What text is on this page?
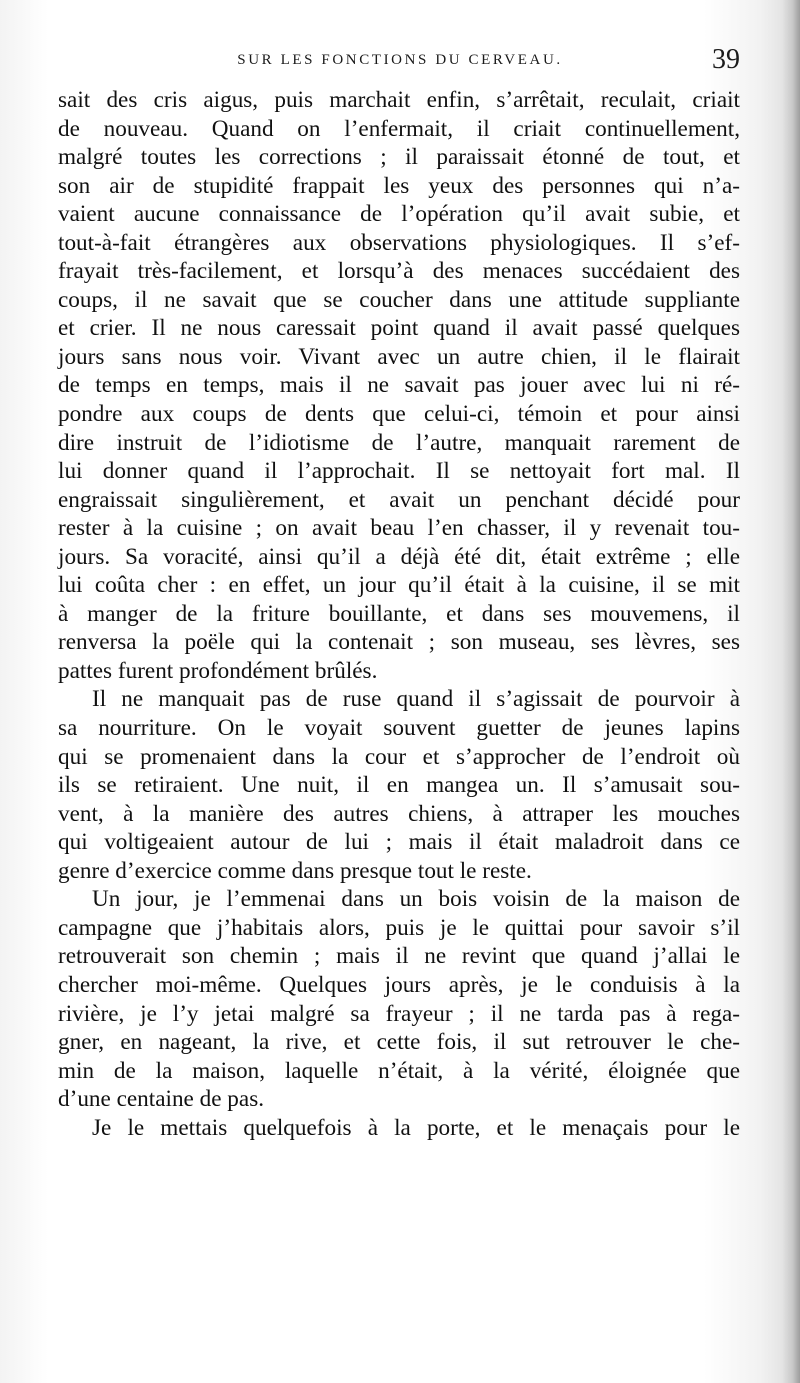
SUR LES FONCTIONS DU CERVEAU.	39
sait des cris aigus, puis marchait enfin, s’arrêtait, reculait, criait
de nouveau. Quand on l’enfermait, il criait continuellement,
malgré toutes les corrections ; il paraissait étonné de tout, et
son air de stupidité frappait les yeux des personnes qui n’a-
vaient aucune connaissance de l’opération qu’il avait subie, et
tout-à-fait étrangères aux observations physiologiques. Il s’ef-
frayait très-facilement, et lorsqu’à des menaces succédaient des
coups, il ne savait que se coucher dans une attitude suppliante
et crier. Il ne nous caressait point quand il avait passé quelques
jours sans nous voir. Vivant avec un autre chien, il le flairait
de temps en temps, mais il ne savait pas jouer avec lui ni ré-
pondre aux coups de dents que celui-ci, témoin et pour ainsi
dire instruit de l’idiotisme de l’autre, manquait rarement de
lui donner quand il l’approchait. Il se nettoyait fort mal. Il
engraissait singulièrement, et avait un penchant décidé pour
rester à la cuisine ; on avait beau l’en chasser, il y revenait tou-
jours. Sa voracité, ainsi qu’il a déjà été dit, était extrême ; elle
lui coûta cher : en effet, un jour qu’il était à la cuisine, il se mit
à manger de la friture bouillante, et dans ses mouvemens, il
renversa la poële qui la contenait ; son museau, ses lèvres, ses
pattes furent profondément brûlés.
Il ne manquait pas de ruse quand il s’agissait de pourvoir à
sa nourriture. On le voyait souvent guetter de jeunes lapins
qui se promenaient dans la cour et s’approcher de l’endroit où
ils se retiraient. Une nuit, il en mangea un. Il s’amusait sou-
vent, à la manière des autres chiens, à attraper les mouches
qui voltigeaient autour de lui ; mais il était maladroit dans ce
genre d’exercice comme dans presque tout le reste.
Un jour, je l’emmenai dans un bois voisin de la maison de
campagne que j’habitais alors, puis je le quittai pour savoir s’il
retrouverait son chemin ; mais il ne revint que quand j’allai le
chercher moi-même. Quelques jours après, je le conduisis à la
rivière, je l’y jetai malgré sa frayeur ; il ne tarda pas à rega-
gner, en nageant, la rive, et cette fois, il sut retrouver le che-
min de la maison, laquelle n’était, à la vérité, éloignée que
d’une centaine de pas.
Je le mettais quelquefois à la porte, et le menaçais pour le
